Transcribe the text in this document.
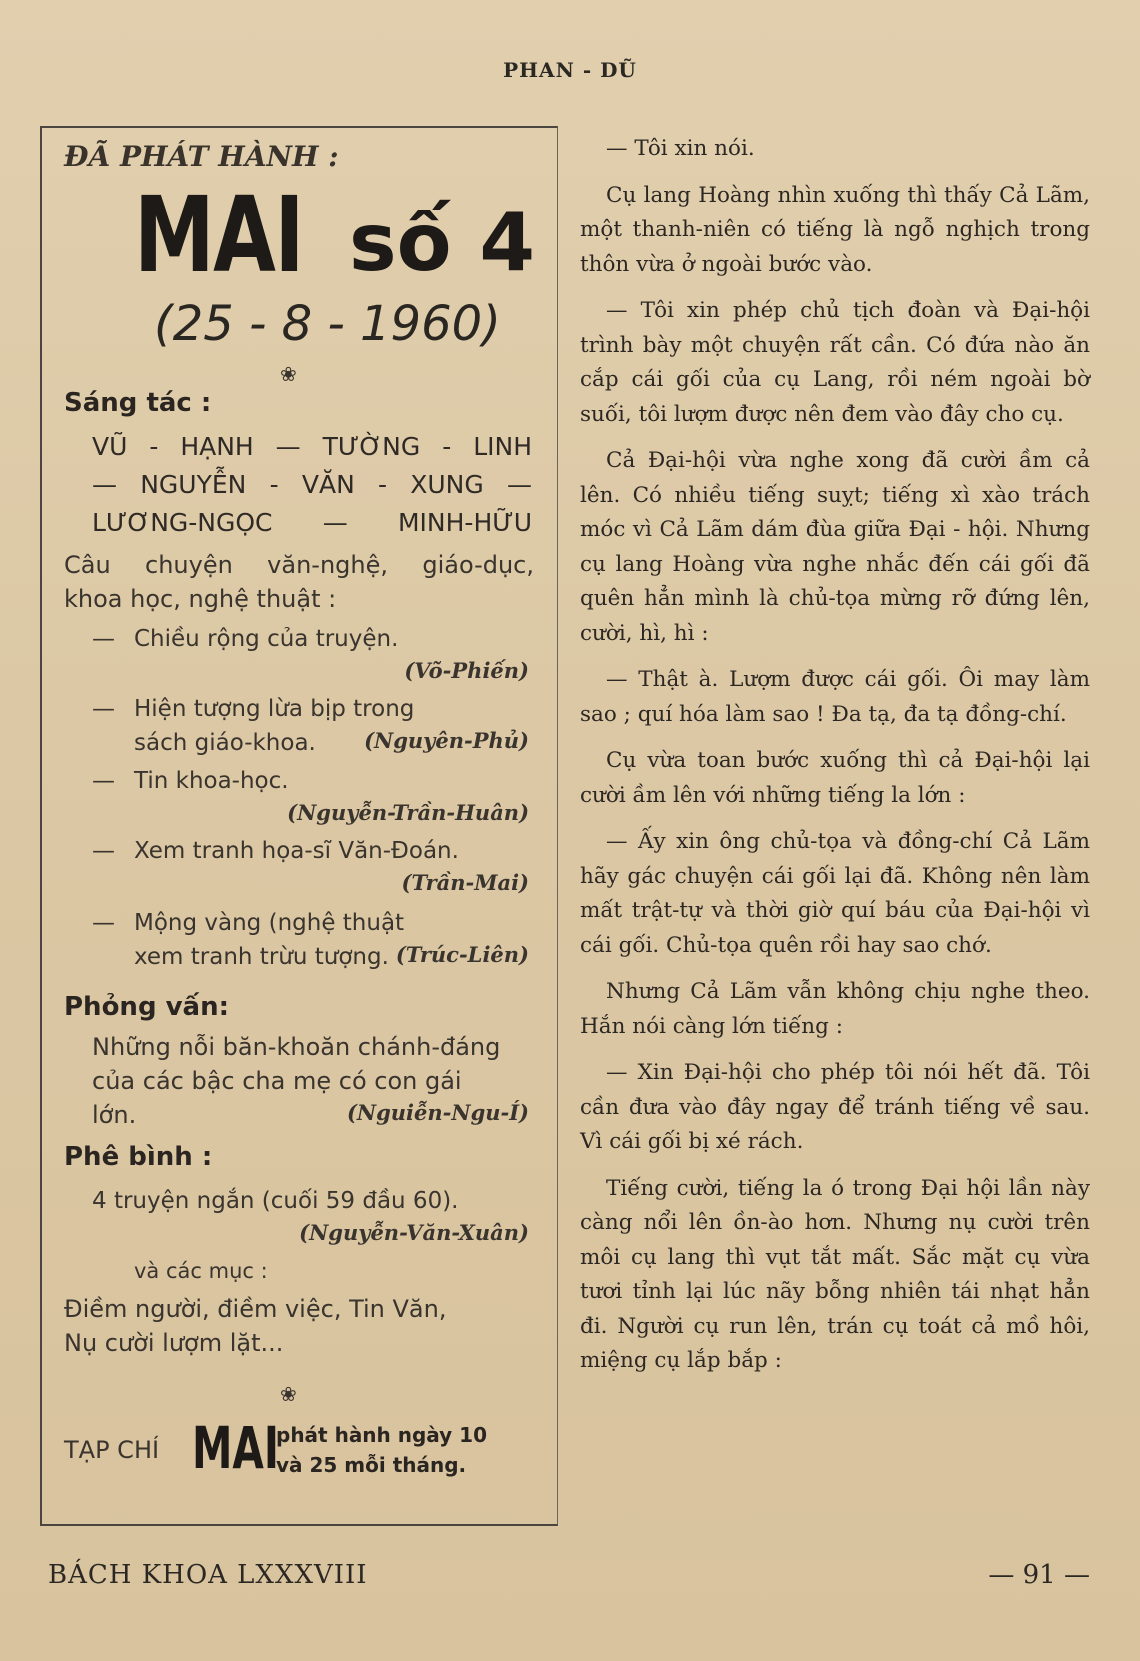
PHAN - DŨ
ĐÃ PHÁT HÀNH :
MAI số 4
(25 - 8 - 1960)
❀
Sáng tác :
VŨ - HẠNH — TƯỜNG - LINH
— NGUYỄN - VĂN - XUNG —
LƯƠNG-NGỌC — MINH-HỮU
Câu chuyện văn-nghệ, giáo-dục,
khoa học, nghệ thuật :
— Chiều rộng của truyện.
(Võ-Phiến)
— Hiện tượng lừa bịp trong sách giáo-khoa.	(Nguyên-Phủ)
— Tin khoa-học.
(Nguyễn-Trần-Huân)
— Xem tranh họa-sĩ Văn-Đoán.
(Trần-Mai)
— Mộng vàng (nghệ thuật xem tranh trừu tượng. (Trúc-Liên)
Phỏng vấn:
Những nỗi băn-khoăn chánh-đáng của các bậc cha mẹ có con gái lớn.	(Nguiễn-Ngu-Í)
Phê bình :
4 truyện ngắn (cuối 59 đầu 60).
(Nguyễn-Văn-Xuân)
và các mục :
Điềm người, điềm việc, Tin Văn,
Nụ cười lượm lặt...
❀
TẠP CHÍ MAI
phát hành ngày 10
và 25 mỗi tháng.

— Tôi xin nói.

Cụ lang Hoàng nhìn xuống thì thấy Cả Lãm, một thanh-niên có tiếng là ngỗ nghịch trong thôn vừa ở ngoài bước vào.

— Tôi xin phép chủ tịch đoàn và Đại-hội trình bày một chuyện rất cần. Có đứa nào ăn cắp cái gối của cụ Lang, rồi ném ngoài bờ suối, tôi lượm được nên đem vào đây cho cụ.

Cả Đại-hội vừa nghe xong đã cười ầm cả lên. Có nhiều tiếng suỵt; tiếng xì xào trách móc vì Cả Lãm dám đùa giữa Đại - hội. Nhưng cụ lang Hoàng vừa nghe nhắc đến cái gối đã quên hẳn mình là chủ-tọa mừng rỡ đứng lên, cười, hì, hì :

— Thật à. Lượm được cái gối. Ôi may làm sao ; quí hóa làm sao ! Đa tạ, đa tạ đồng-chí.

Cụ vừa toan bước xuống thì cả Đại-hội lại cười ầm lên với những tiếng la lớn :

— Ấy xin ông chủ-tọa và đồng-chí Cả Lãm hãy gác chuyện cái gối lại đã. Không nên làm mất trật-tự và thời giờ quí báu của Đại-hội vì cái gối. Chủ-tọa quên rồi hay sao chớ.

Nhưng Cả Lãm vẫn không chịu nghe theo. Hắn nói càng lớn tiếng :

— Xin Đại-hội cho phép tôi nói hết đã. Tôi cần đưa vào đây ngay để tránh tiếng về sau. Vì cái gối bị xé rách.

Tiếng cười, tiếng la ó trong Đại hội lần này càng nổi lên ồn-ào hơn. Nhưng nụ cười trên môi cụ lang thì vụt tắt mất. Sắc mặt cụ vừa tươi tỉnh lại lúc nãy bỗng nhiên tái nhạt hẳn đi. Người cụ run lên, trán cụ toát cả mồ hôi, miệng cụ lắp bắp :

BÁCH KHOA LXXXVIII	— 91 —
